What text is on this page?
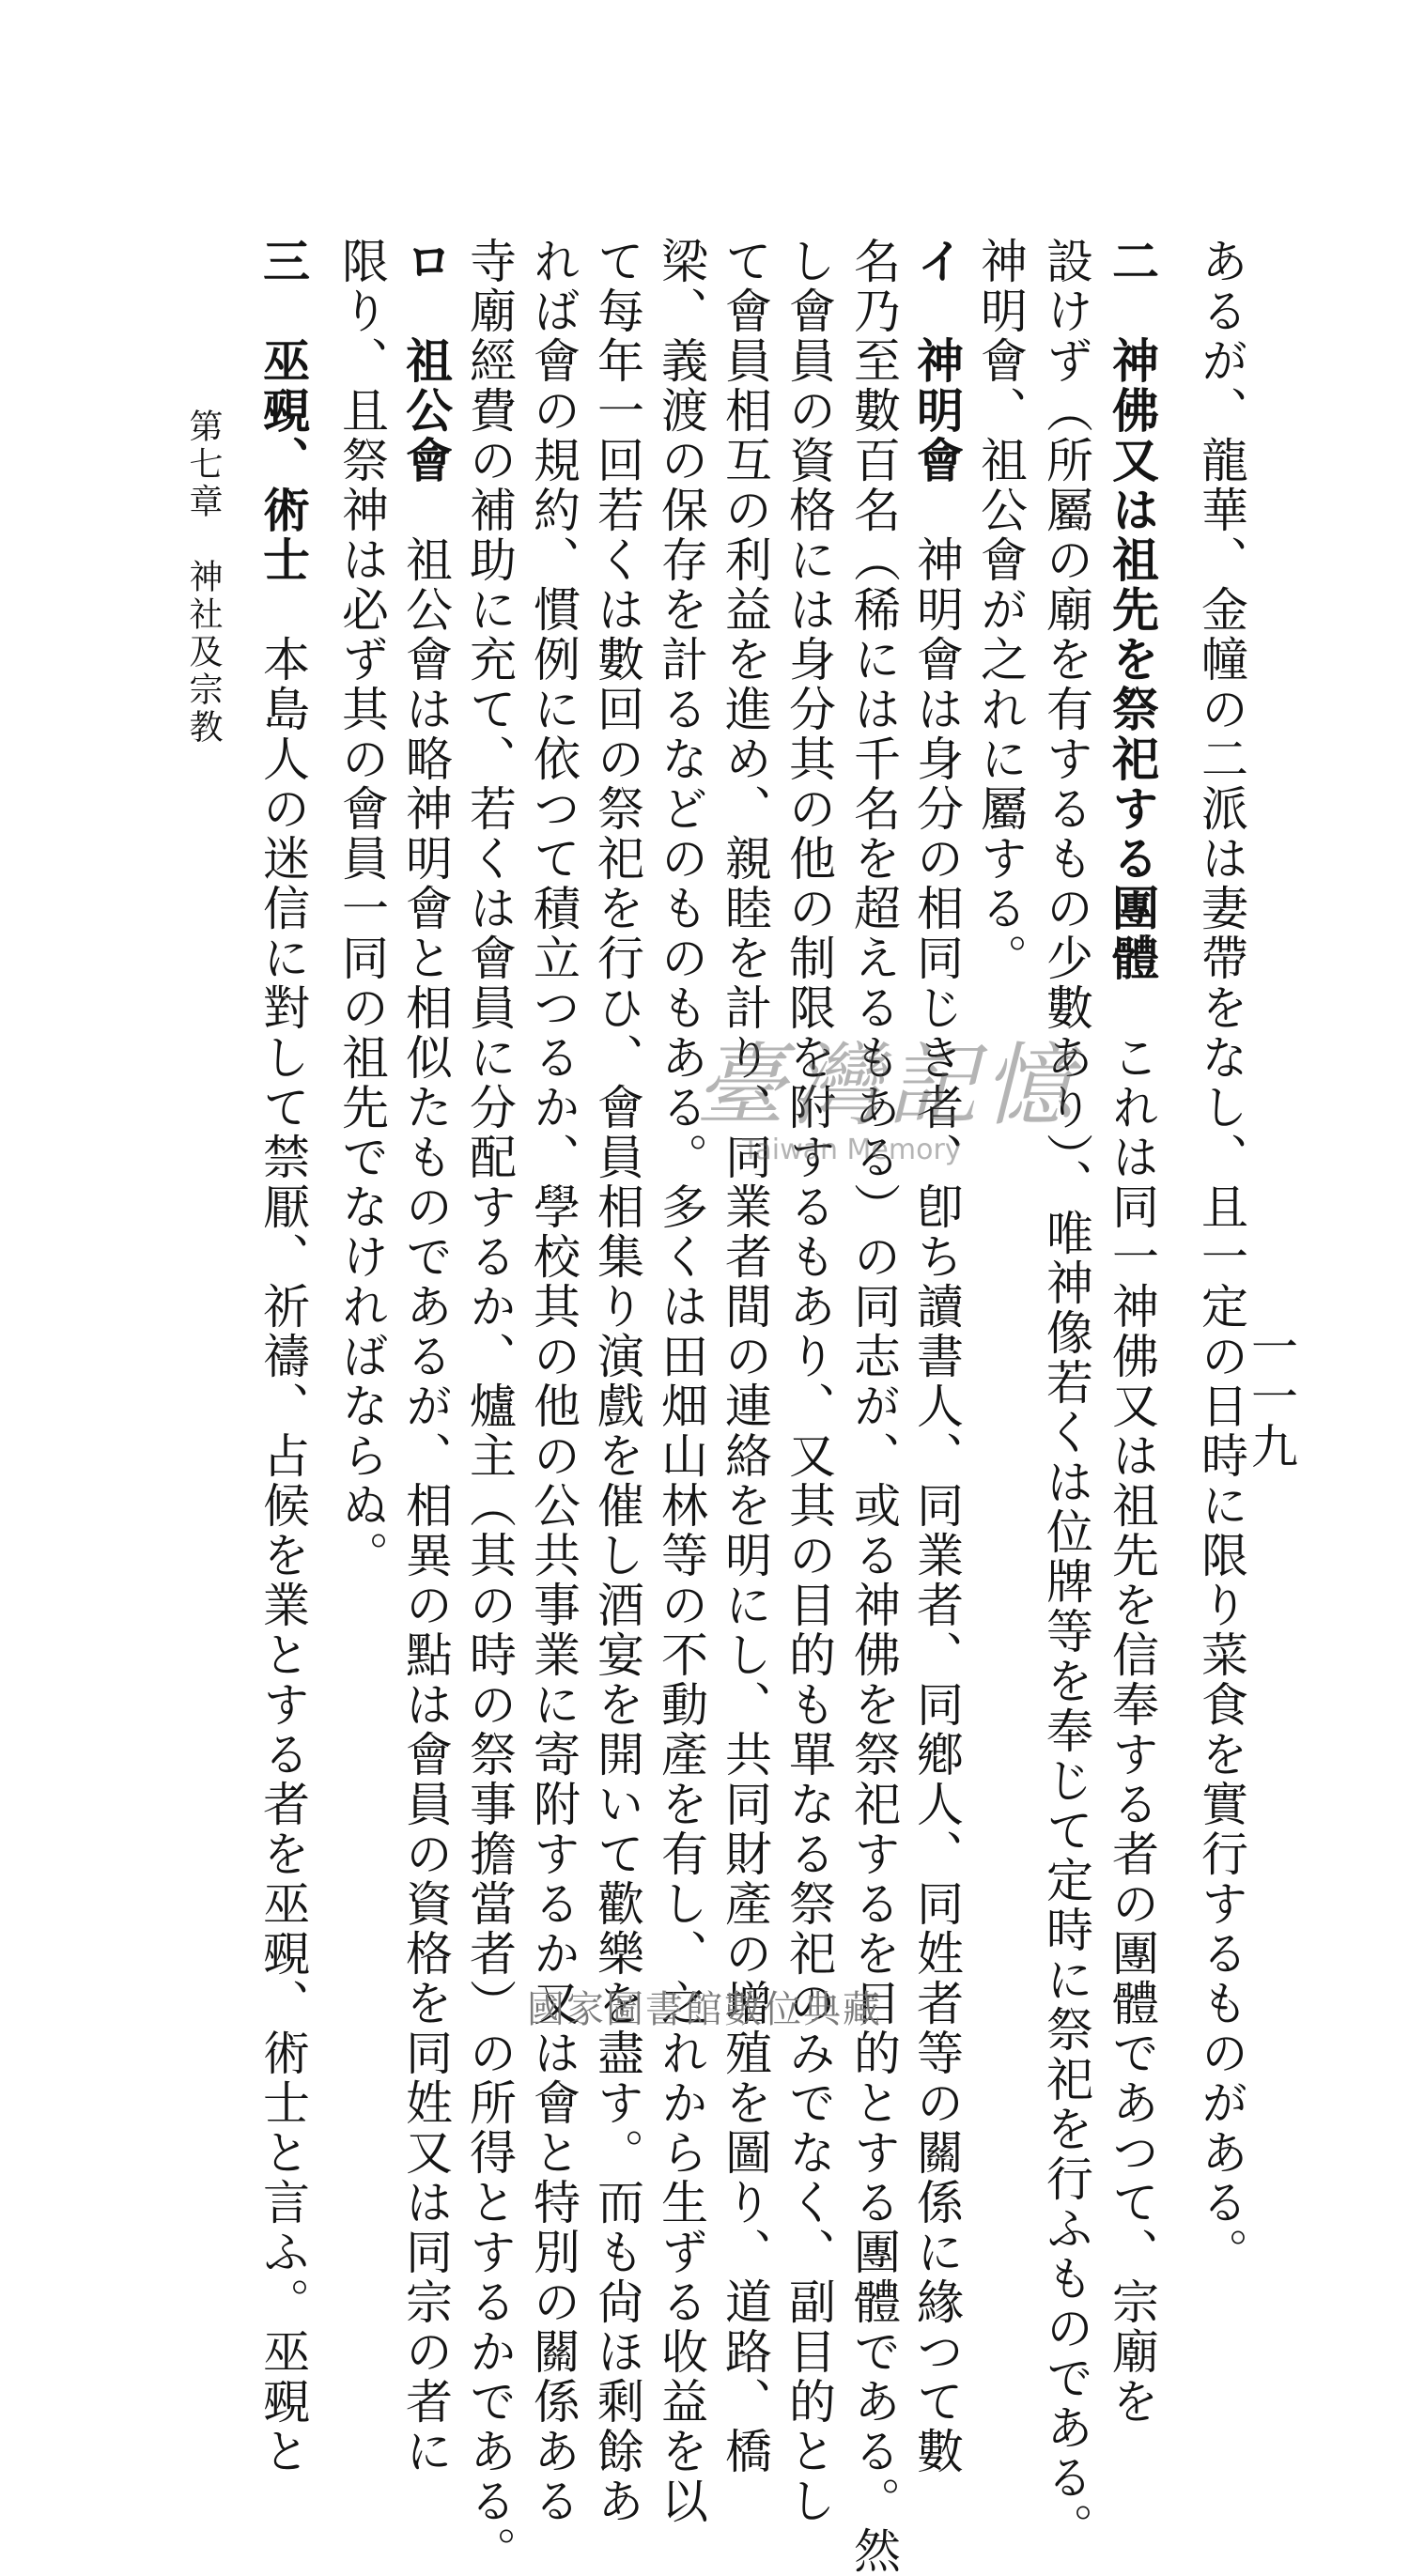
一一九
あるが、龍華、金幢の二派は妻帶をなし、且一定の日時に限り菜食を實行するものがある。
二　神佛又は祖先を祭祀する團體　これは同一神佛又は祖先を信奉する者の團體であつて、宗廟を
設けず（所屬の廟を有するもの少數あり）、唯神像若くは位牌等を奉じて定時に祭祀を行ふものである。
神明會、祖公會が之れに屬する。
イ　神明會　神明會は身分の相同じき者、卽ち讀書人、同業者、同鄕人、同姓者等の關係に緣つて數
名乃至數百名（稀には千名を超えるもある）の同志が、或る神佛を祭祀するを目的とする團體である。然
し會員の資格には身分其の他の制限を附するもあり、又其の目的も單なる祭祀のみでなく、副目的とし
て會員相互の利益を進め、親睦を計り、同業者間の連絡を明にし、共同財產の增殖を圖り、道路、橋
梁、義渡の保存を計るなどのものもある。多くは田畑山林等の不動產を有し、之れから生ずる收益を以
て每年一回若くは數回の祭祀を行ひ、會員相集り演戲を催し酒宴を開いて歡樂を盡す。而も尙ほ剩餘あ
れば會の規約、慣例に依つて積立つるか、學校其の他の公共事業に寄附するか又は會と特別の關係ある
寺廟經費の補助に充て、若くは會員に分配するか、爐主（其の時の祭事擔當者）の所得とするかである。
ロ　祖公會　祖公會は略神明會と相似たものであるが、相異の點は會員の資格を同姓又は同宗の者に
限り、且祭神は必ず其の會員一同の祖先でなければならぬ。
三　巫覡、術士　本島人の迷信に對して禁厭、祈禱、占候を業とする者を巫覡、術士と言ふ。巫覡と
第七章　神社及宗教
臺灣記憶
Taiwan Memory
國家圖書館數位典藏
